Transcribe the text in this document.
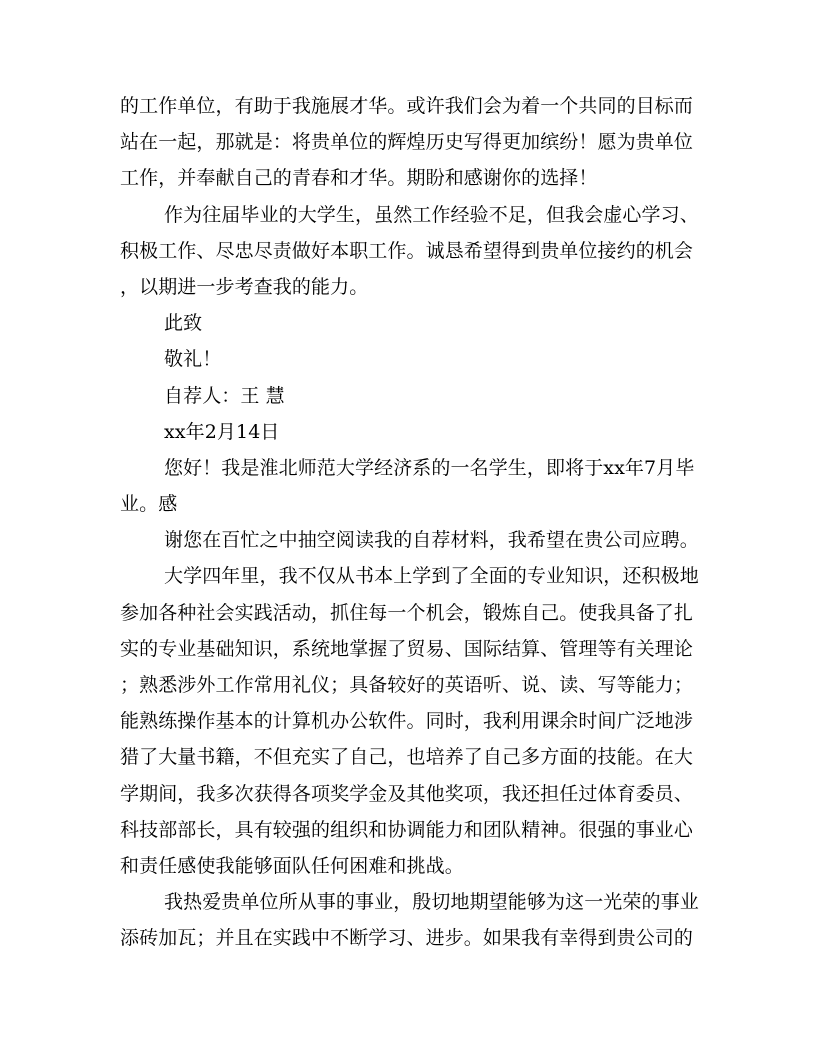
的工作单位，有助于我施展才华。或许我们会为着一个共同的目标而
站在一起，那就是：将贵单位的辉煌历史写得更加缤纷！愿为贵单位
工作，并奉献自己的青春和才华。期盼和感谢你的选择！
作为往届毕业的大学生，虽然工作经验不足，但我会虚心学习、
积极工作、尽忠尽责做好本职工作。诚恳希望得到贵单位接约的机会
，以期进一步考查我的能力。
此致
敬礼！
自荐人：王 慧
xx年2月14日
您好！我是淮北师范大学经济系的一名学生，即将于xx年7月毕
业。感
谢您在百忙之中抽空阅读我的自荐材料，我希望在贵公司应聘。
大学四年里，我不仅从书本上学到了全面的专业知识，还积极地
参加各种社会实践活动，抓住每一个机会，锻炼自己。使我具备了扎
实的专业基础知识，系统地掌握了贸易、国际结算、管理等有关理论
；熟悉涉外工作常用礼仪；具备较好的英语听、说、读、写等能力；
能熟练操作基本的计算机办公软件。同时，我利用课余时间广泛地涉
猎了大量书籍，不但充实了自己，也培养了自己多方面的技能。在大
学期间，我多次获得各项奖学金及其他奖项，我还担任过体育委员、
科技部部长，具有较强的组织和协调能力和团队精神。很强的事业心
和责任感使我能够面队任何困难和挑战。
我热爱贵单位所从事的事业，殷切地期望能够为这一光荣的事业
添砖加瓦；并且在实践中不断学习、进步。如果我有幸得到贵公司的
